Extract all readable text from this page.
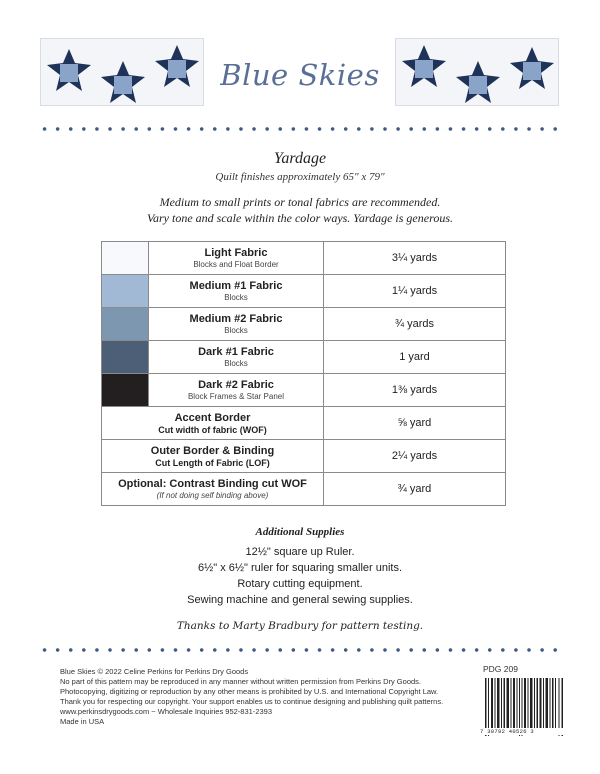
Blue Skies
Yardage
Quilt finishes approximately 65" x 79"
Medium to small prints or tonal fabrics are recommended.
Vary tone and scale within the color ways. Yardage is generous.

	Light Fabric
Blocks and Float Border	3¼ yards

	Medium #1 Fabric
Blocks	1¼ yards

	Medium #2 Fabric
Blocks	¾ yards

	Dark #1 Fabric
Blocks	1 yard

	Dark #2 Fabric
Block Frames & Star Panel	1⅜ yards

Accent Border
Cut width of fabric (WOF)		⅝ yard

Outer Border & Binding
Cut Length of Fabric (LOF)		2¼ yards

Optional: Contrast Binding cut WOF
(If not doing self binding above)		¾ yard
Additional Supplies
12½" square up Ruler.
6½" x 6½" ruler for squaring smaller units.
Rotary cutting equipment.
Sewing machine and general sewing supplies.
Thanks to Marty Bradbury for pattern testing.
Blue Skies © 2022 Celine Perkins for Perkins Dry Goods
No part of this pattern may be reproduced in any manner without written permission from Perkins Dry Goods.
Photocopying, digitizing or reproduction by any other means is prohibited by U.S. and International Copyright Law.
Thank you for respecting our copyright. Your support enables us to continue designing and publishing quilt patterns.
www.perkinsdrygoods.com ~ Wholesale Inquiries 952-831-2393
Made in USA
PDG 209
7 30792 40526 3
